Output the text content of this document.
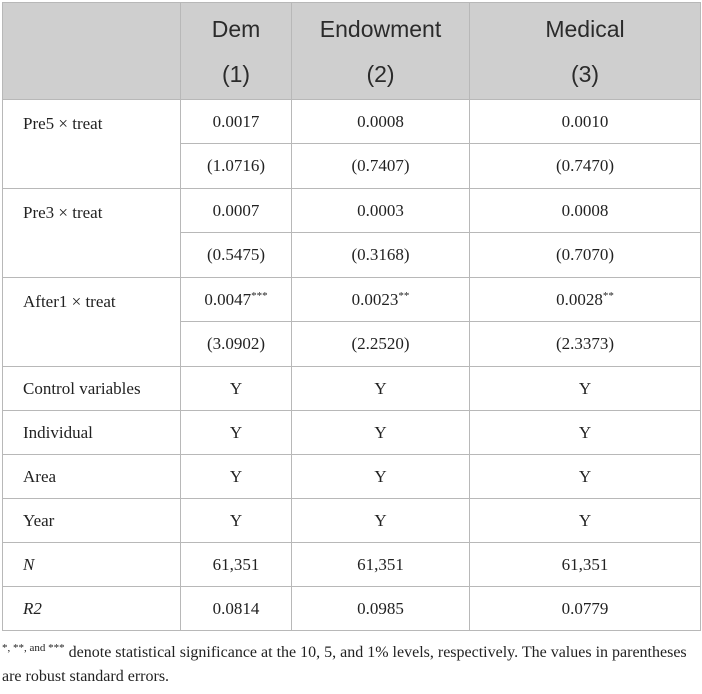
	Dem	Endowment	Medical
	(1)	(2)	(3)
Pre5 × treat	0.0017	0.0008	0.0010
	(1.0716)	(0.7407)	(0.7470)
Pre3 × treat	0.0007	0.0003	0.0008
	(0.5475)	(0.3168)	(0.7070)
After1 × treat	0.0047***	0.0023**	0.0028**
	(3.0902)	(2.2520)	(2.3373)
Control variables	Y	Y	Y
Individual	Y	Y	Y
Area	Y	Y	Y
Year	Y	Y	Y
N	61,351	61,351	61,351
R2	0.0814	0.0985	0.0779

$^{*, **, and ***}$ denote statistical significance at the 10, 5, and 1% levels, respectively. The values in parentheses are robust standard errors.
